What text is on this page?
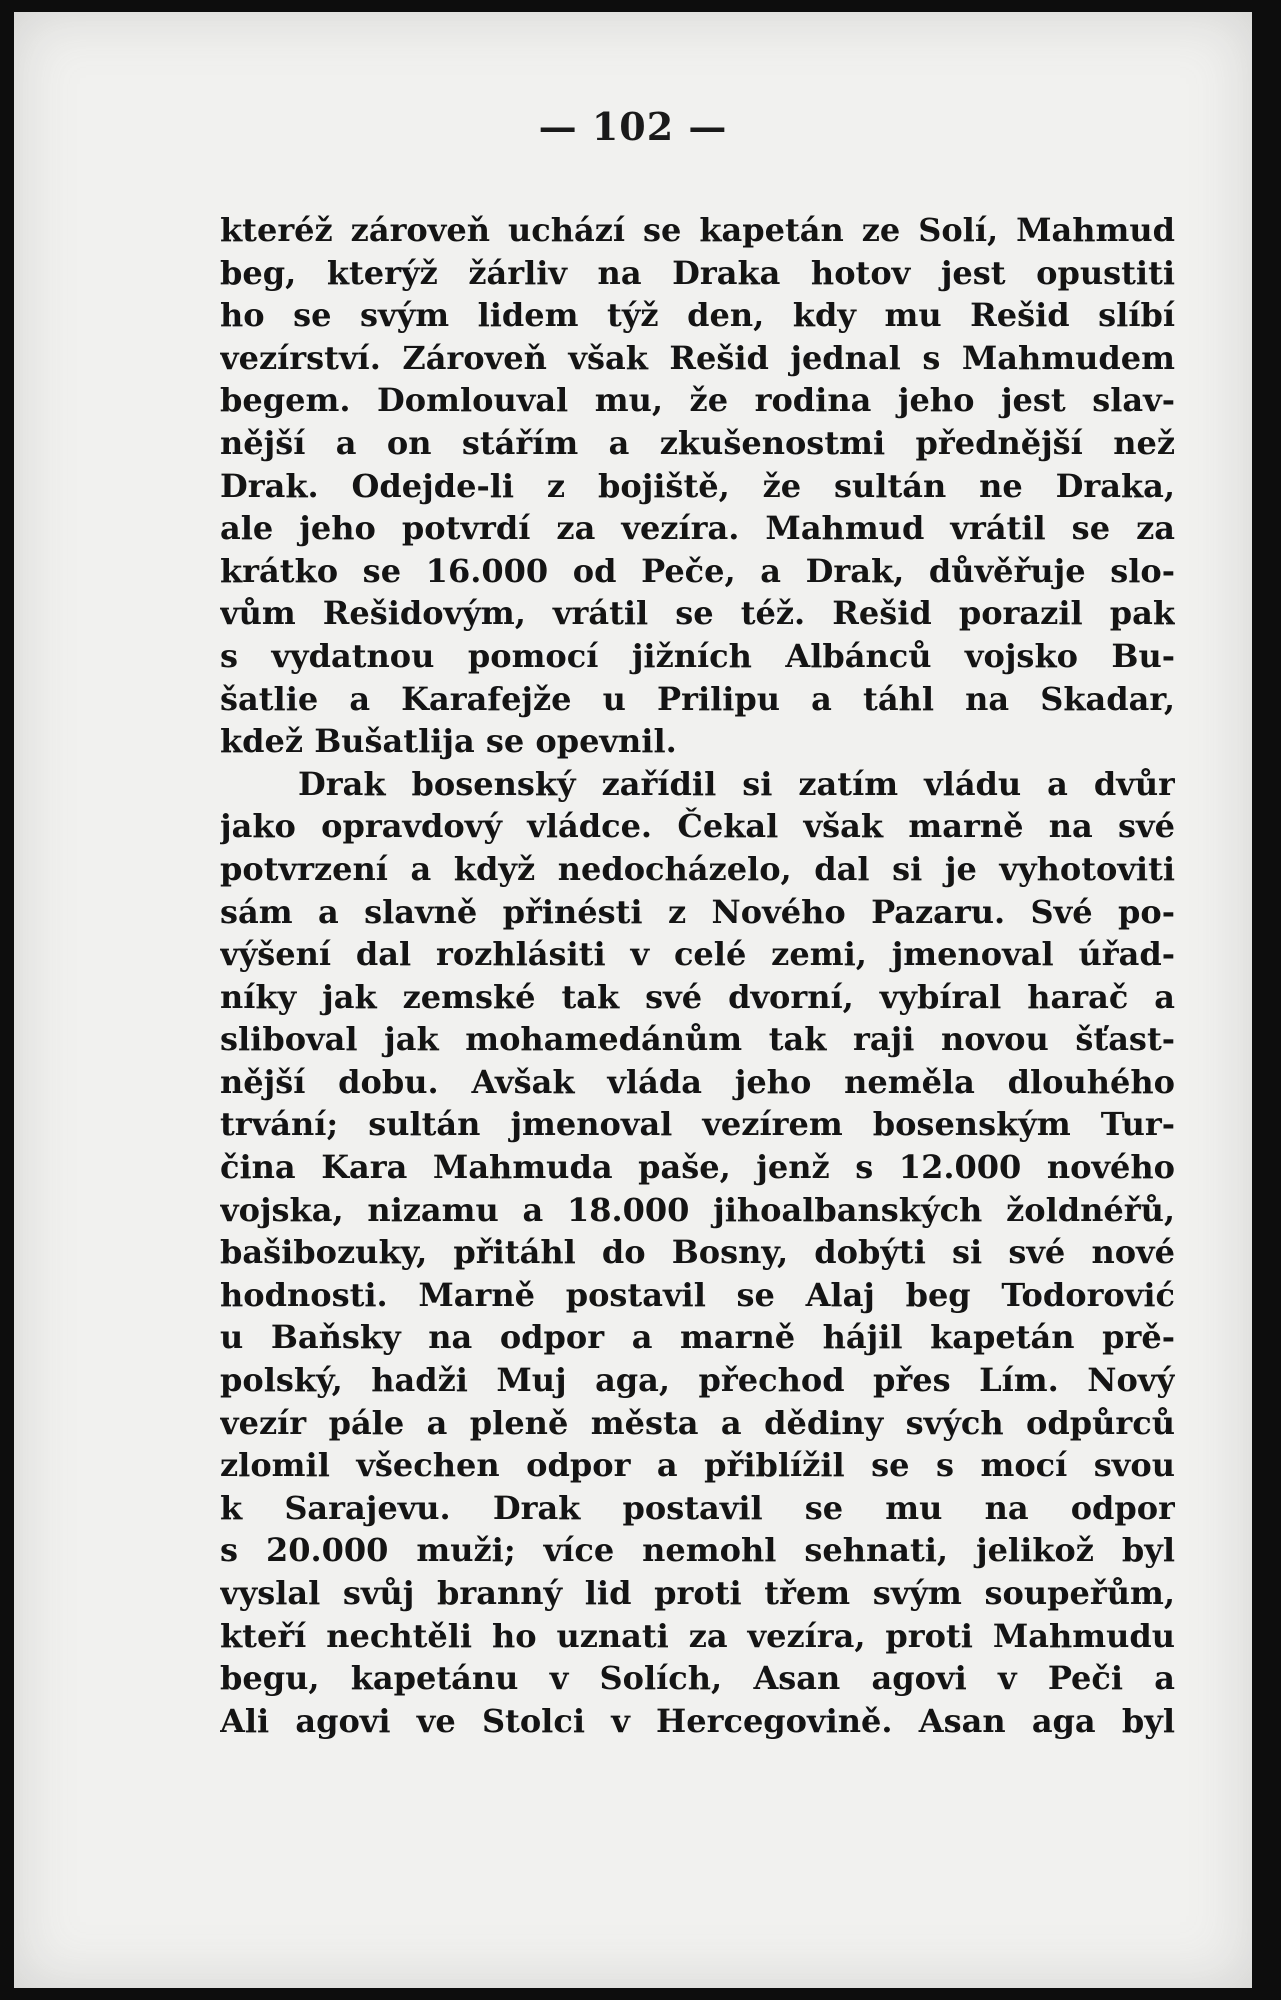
— 102 —
kteréž zároveň uchází se kapetán ze Solí, Mahmud
beg, kterýž žárliv na Draka hotov jest opustiti
ho se svým lidem týž den, kdy mu Rešid slíbí
vezírství. Zároveň však Rešid jednal s Mahmudem
begem. Domlouval mu, že rodina jeho jest slav-
nější a on stářím a zkušenostmi přednější než
Drak. Odejde-li z bojiště, že sultán ne Draka,
ale jeho potvrdí za vezíra. Mahmud vrátil se za
krátko se 16.000 od Peče, a Drak, důvěřuje slo-
vům Rešidovým, vrátil se též. Rešid porazil pak
s vydatnou pomocí jižních Albánců vojsko Bu-
šatlie a Karafejže u Prilipu a táhl na Skadar,
kdež Bušatlija se opevnil.
Drak bosenský zařídil si zatím vládu a dvůr
jako opravdový vládce. Čekal však marně na své
potvrzení a když nedocházelo, dal si je vyhotoviti
sám a slavně přinésti z Nového Pazaru. Své po-
výšení dal rozhlásiti v celé zemi, jmenoval úřad-
níky jak zemské tak své dvorní, vybíral harač a
sliboval jak mohamedánům tak raji novou šťast-
nější dobu. Avšak vláda jeho neměla dlouhého
trvání; sultán jmenoval vezírem bosenským Tur-
čina Kara Mahmuda paše, jenž s 12.000 nového
vojska, nizamu a 18.000 jihoalbanských žoldnéřů,
bašibozuky, přitáhl do Bosny, dobýti si své nové
hodnosti. Marně postavil se Alaj beg Todorović
u Baňsky na odpor a marně hájil kapetán prě-
polský, hadži Muj aga, přechod přes Lím. Nový
vezír pále a pleně města a dědiny svých odpůrců
zlomil všechen odpor a přiblížil se s mocí svou
k Sarajevu. Drak postavil se mu na odpor
s 20.000 muži; více nemohl sehnati, jelikož byl
vyslal svůj branný lid proti třem svým soupeřům,
kteří nechtěli ho uznati za vezíra, proti Mahmudu
begu, kapetánu v Solích, Asan agovi v Peči a
Ali agovi ve Stolci v Hercegovině. Asan aga byl
